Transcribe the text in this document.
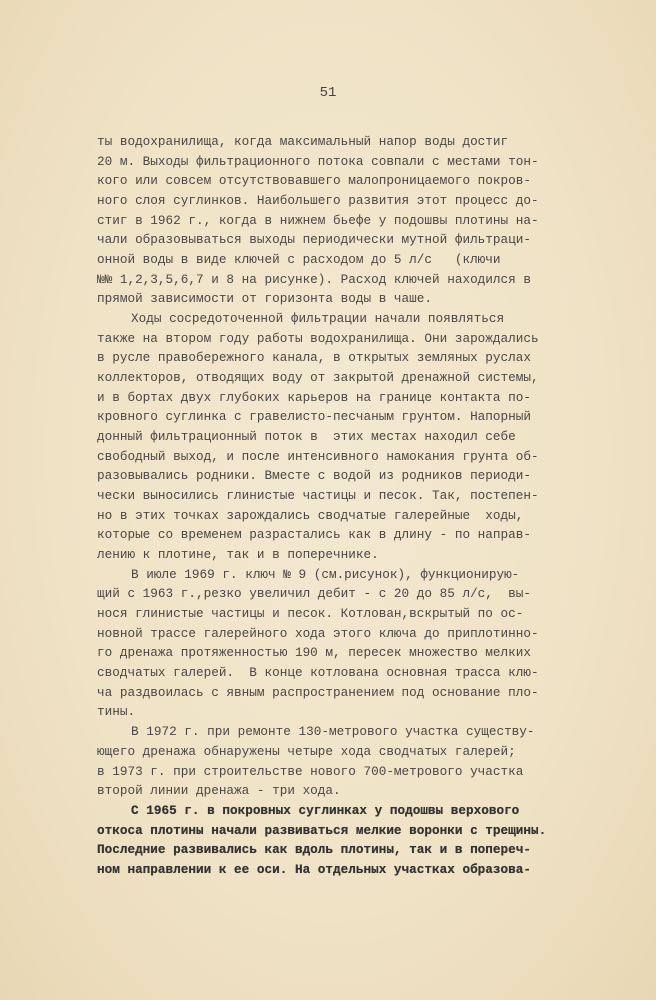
51
ты водохранилища, когда максимальный напор воды достиг
20 м. Выходы фильтрационного потока совпали с местами тон-
кого или совсем отсутствовавшего малопроницаемого покров-
ного слоя суглинков. Наибольшего развития этот процесс до-
стиг в 1962 г., когда в нижнем бьефе у подошвы плотины на-
чали образовываться выходы периодически мутной фильтраци-
онной воды в виде ключей с расходом до 5 л/с   (ключи
№№ 1,2,3,5,6,7 и 8 на рисунке). Расход ключей находился в
прямой зависимости от горизонта воды в чаше.
Ходы сосредоточенной фильтрации начали появляться
также на втором году работы водохранилища. Они зарождались
в русле правобережного канала, в открытых земляных руслах
коллекторов, отводящих воду от закрытой дренажной системы,
и в бортах двух глубоких карьеров на границе контакта по-
кровного суглинка с гравелисто-песчаным грунтом. Напорный
донный фильтрационный поток в  этих местах находил себе
свободный выход, и после интенсивного намокания грунта об-
разовывались родники. Вместе с водой из родников периоди-
чески выносились глинистые частицы и песок. Так, постепен-
но в этих точках зарождались сводчатые галерейные  ходы,
которые со временем разрастались как в длину - по направ-
лению к плотине, так и в поперечнике.
В июле 1969 г. ключ № 9 (см.рисунок), функционирую-
щий с 1963 г.,резко увеличил дебит - с 20 до 85 л/с,  вы-
нося глинистые частицы и песок. Котлован,вскрытый по ос-
новной трассе галерейного хода этого ключа до приплотинно-
го дренажа протяженностью 190 м, пересек множество мелких
сводчатых галерей.  В конце котлована основная трасса клю-
ча раздвоилась с явным распространением под основание пло-
тины.
В 1972 г. при ремонте 130-метрового участка существу-
ющего дренажа обнаружены четыре хода сводчатых галерей;
в 1973 г. при строительстве нового 700-метрового участка
второй линии дренажа - три хода.
С 1965 г. в покровных суглинках у подошвы верхового
откоса плотины начали развиваться мелкие воронки с трещины.
Последние развивались как вдоль плотины, так и в попереч-
ном направлении к ее оси. На отдельных участках образова-
